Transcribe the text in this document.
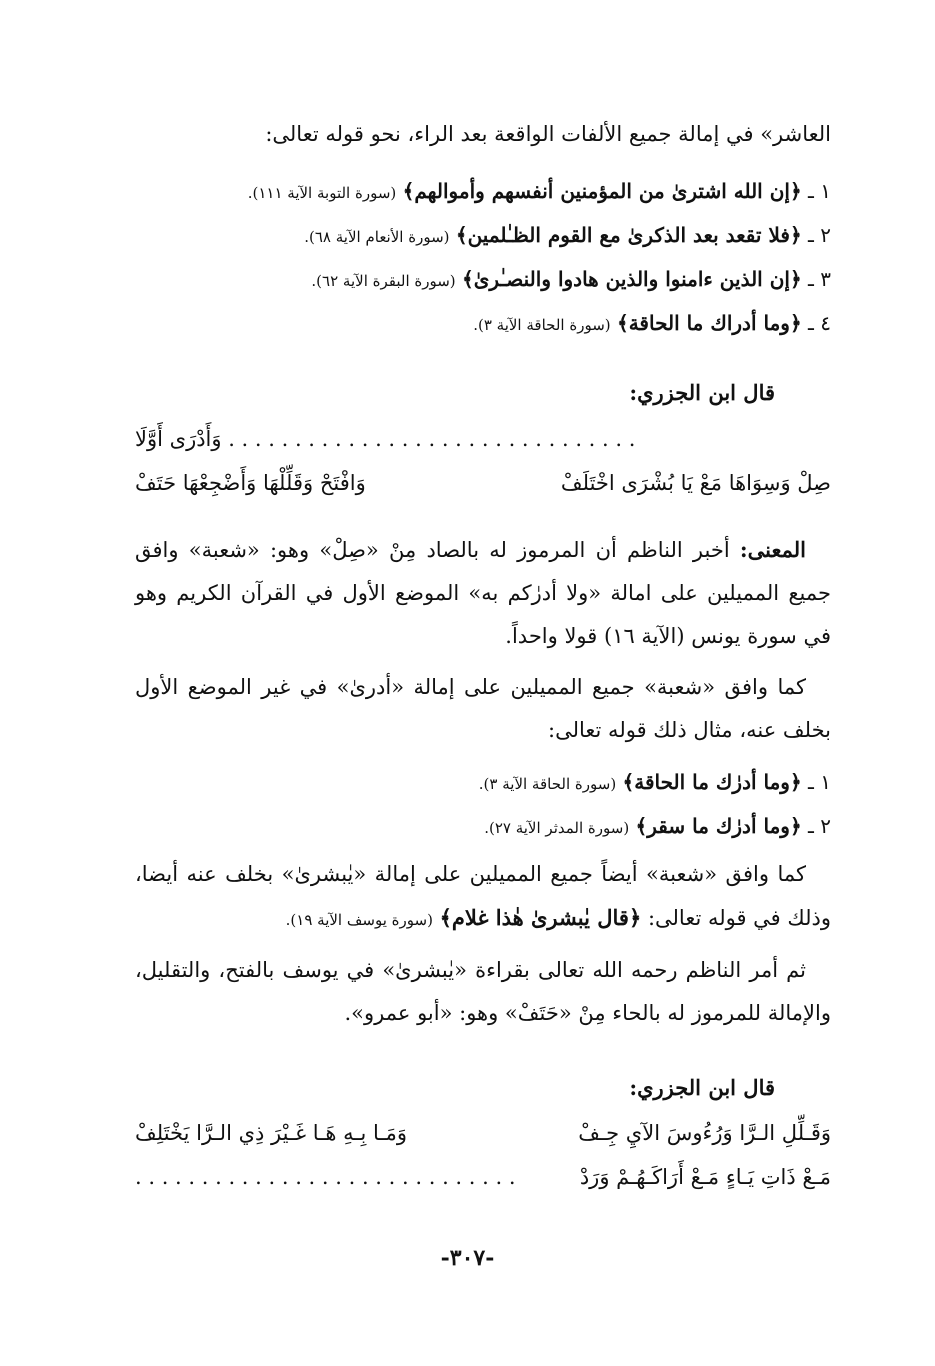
العاشر» في إمالة جميع الألفات الواقعة بعد الراء، نحو قوله تعالى:
١ ـ ﴿إن الله اشترىٰ من المؤمنين أنفسهم وأموالهم﴾ (سورة التوبة الآية ١١١).
٢ ـ ﴿فلا تقعد بعد الذكرىٰ مع القوم الظـٰلمين﴾ (سورة الأنعام الآية ٦٨).
٣ ـ ﴿إن الذين ءامنوا والذين هادوا والنصـٰرىٰ﴾ (سورة البقرة الآية ٦٢).
٤ ـ ﴿وما أدراك ما الحاقة﴾ (سورة الحاقة الآية ٣).
قال ابن الجزري:
. . . . . . . . . . . . . . . . . . . . . . . . . . . . . . . وَأَدْرَى أَوَّلَا
صِلْ وَسِوَاهَا مَعْ يَا بُشْرَى اخْتَلَفْ
وَافْتَحْ وَقَلِّلْهَا وَأَضْجِعْهَا حَتَفْ
المعنى: أخبر الناظم أن المرموز له بالصاد مِنْ «صِلْ» وهو: «شعبة» وافق جميع المميلين على امالة «ولا أدرٰكم به» الموضع الأول في القرآن الكريم وهو في سورة يونس (الآية ١٦) قولا واحداً.
كما وافق «شعبة» جميع المميلين على إمالة «أدرىٰ» في غير الموضع الأول بخلف عنه، مثال ذلك قوله تعالى:
١ ـ ﴿وما أدرٰك ما الحاقة﴾ (سورة الحاقة الآية ٣).
٢ ـ ﴿وما أدرٰك ما سقر﴾ (سورة المدثر الآية ٢٧).
كما وافق «شعبة» أيضاً جميع المميلين على إمالة «يٰبشرىٰ» بخلف عنه أيضا، وذلك في قوله تعالى: ﴿قال يٰبشرىٰ هٰذا غلام﴾ (سورة يوسف الآية ١٩).
ثم أمر الناظم رحمه الله تعالى بقراءة «يٰبشرىٰ» في يوسف بالفتح، والتقليل، والإمالة للمرموز له بالحاء مِنْ «حَتَفْ» وهو: «أبو عمرو».
قال ابن الجزري:
وَقَـلِّلِ الـرَّا وَرُءُوسَ الآيِ جِـفْ
وَمَـا بِـهِ هَـا غَـيْرَ ذِي الـرَّا يَخْتَلِفْ
مَـعْ ذَاتِ يَـاءٍ مَـعْ أَرَاكَـهُـمْ وَرَدْ
. . . . . . . . . . . . . . . . . . . . . . . . . . . . .
-٣٠٧-
